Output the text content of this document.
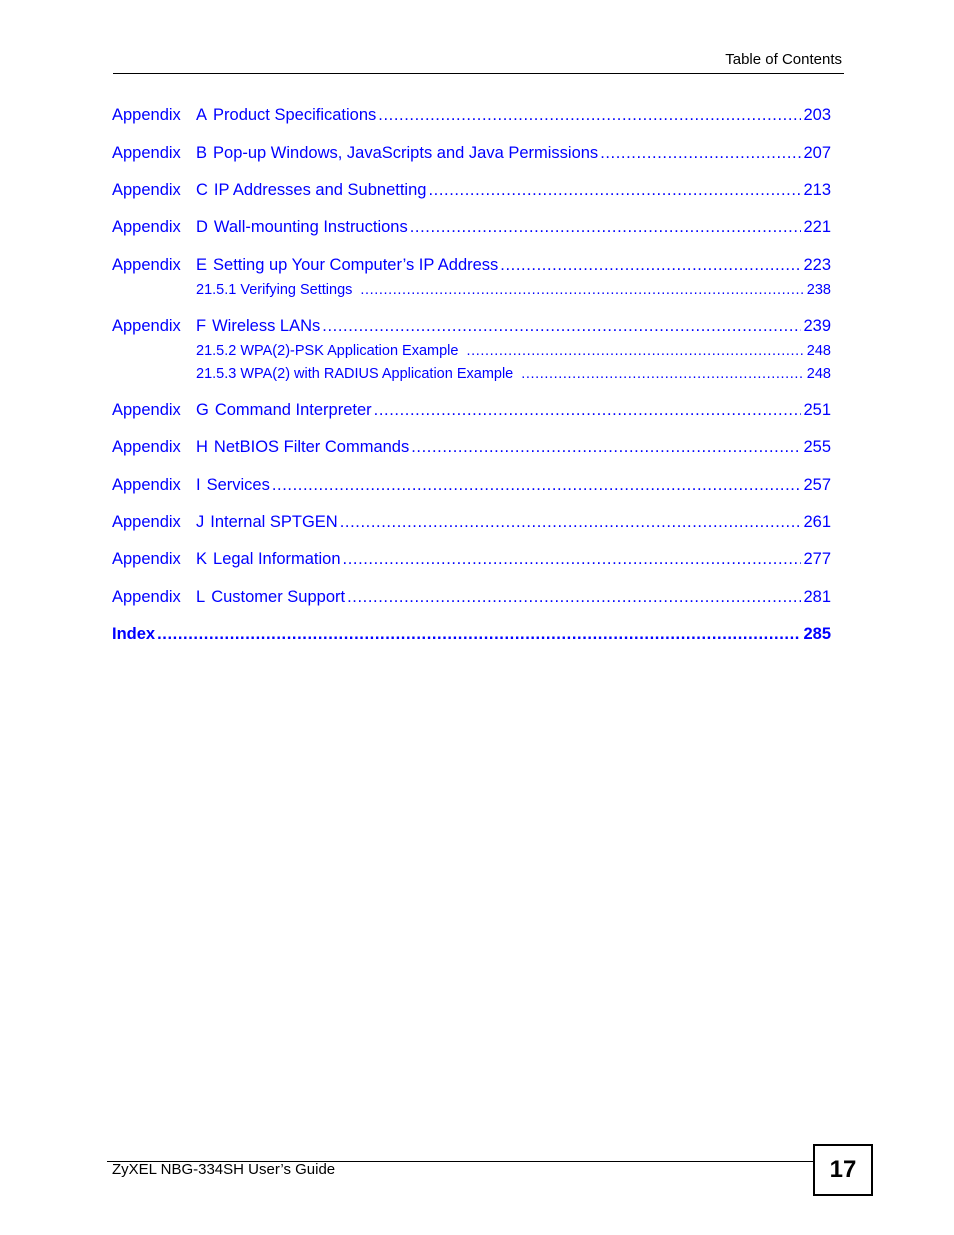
Table of Contents
Appendix A Product Specifications .....	203
Appendix B Pop-up Windows, JavaScripts and Java Permissions .....	207
Appendix C IP Addresses and Subnetting .....	213
Appendix D Wall-mounting Instructions .....	221
Appendix E Setting up Your Computer’s IP Address .....	223
21.5.1 Verifying Settings .....	238
Appendix F Wireless LANs .....	239
21.5.2 WPA(2)-PSK Application Example .....	248
21.5.3 WPA(2) with RADIUS Application Example .....	248
Appendix G Command Interpreter .....	251
Appendix H NetBIOS Filter Commands .....	255
Appendix I Services .....	257
Appendix J Internal SPTGEN .....	261
Appendix K Legal Information .....	277
Appendix L Customer Support .....	281
Index .....	285
ZyXEL NBG-334SH User’s Guide	17
